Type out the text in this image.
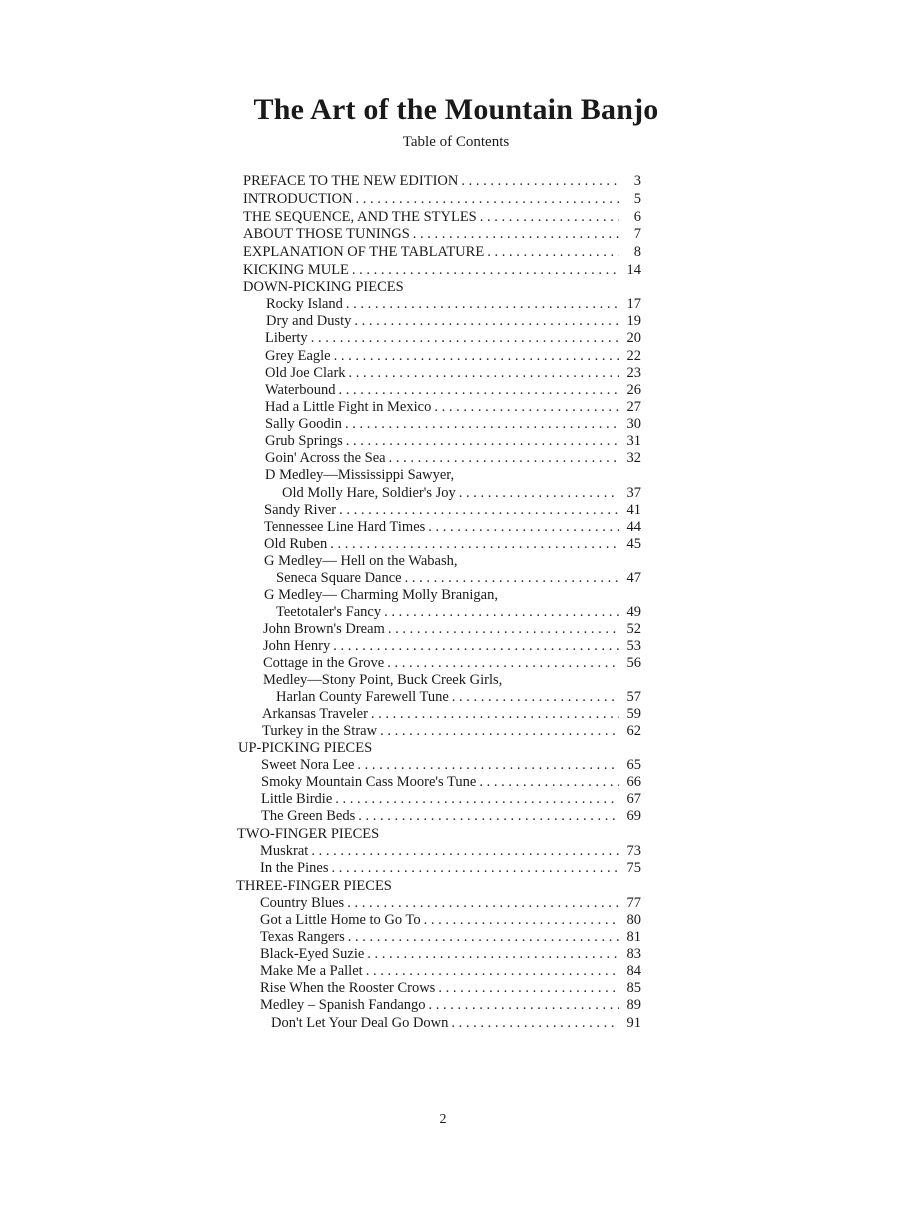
The Art of the Mountain Banjo
Table of Contents
PREFACE TO THE NEW EDITION . . .	3
INTRODUCTION . . .	5
THE SEQUENCE, AND THE STYLES . . .	6
ABOUT THOSE TUNINGS . . .	7
EXPLANATION OF THE TABLATURE . . .	8
KICKING MULE . . .	14
DOWN-PICKING PIECES
Rocky Island . . .	17
Dry and Dusty . . .	19
Liberty . . .	20
Grey Eagle . . .	22
Old Joe Clark . . .	23
Waterbound . . .	26
Had a Little Fight in Mexico . . .	27
Sally Goodin . . .	30
Grub Springs . . .	31
Goin' Across the Sea . . .	32
D Medley—Mississippi Sawyer,
Old Molly Hare, Soldier's Joy . . .	37
Sandy River . . .	41
Tennessee Line Hard Times . . .	44
Old Ruben . . .	45
G Medley— Hell on the Wabash,
Seneca Square Dance . . .	47
G Medley— Charming Molly Branigan,
Teetotaler's Fancy . . .	49
John Brown's Dream . . .	52
John Henry . . .	53
Cottage in the Grove . . .	56
Medley—Stony Point, Buck Creek Girls,
Harlan County Farewell Tune . . .	57
Arkansas Traveler . . .	59
Turkey in the Straw . . .	62
UP-PICKING PIECES
Sweet Nora Lee . . .	65
Smoky Mountain Cass Moore's Tune . . .	66
Little Birdie . . .	67
The Green Beds . . .	69
TWO-FINGER PIECES
Muskrat . . .	73
In the Pines . . .	75
THREE-FINGER PIECES
Country Blues . . .	77
Got a Little Home to Go To . . .	80
Texas Rangers . . .	81
Black-Eyed Suzie . . .	83
Make Me a Pallet . . .	84
Rise When the Rooster Crows . . .	85
Medley – Spanish Fandango . . .	89
Don't Let Your Deal Go Down . . .	91
2
